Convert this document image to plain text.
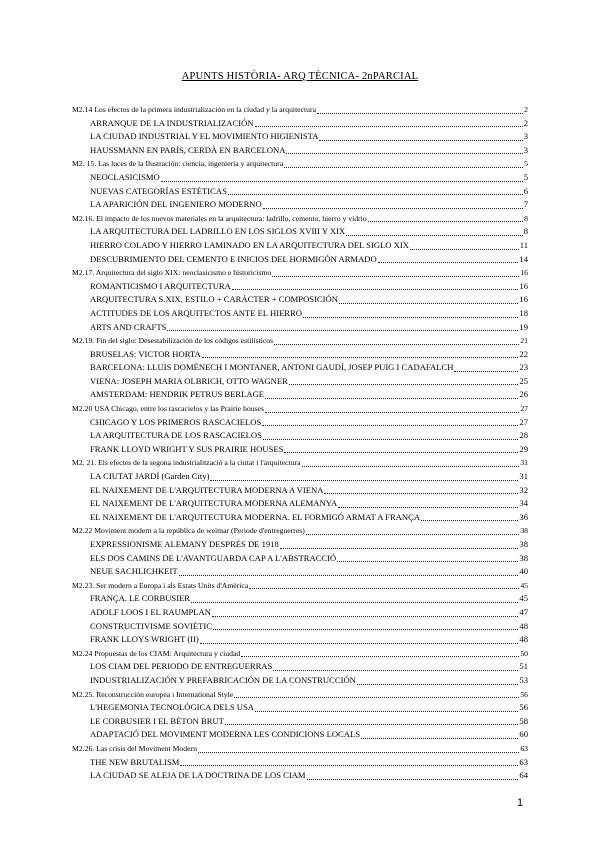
APUNTS HISTÒRIA- ARQ TÈCNICA- 2nPARCIAL
M2.14 Los efectos de la primera industrialización en la ciudad y la arquitectura	2
ARRANQUE DE LA INDUSTRIALIZACIÓN	2
LA CIUDAD INDUSTRIAL Y EL MOVIMIENTO HIGIENISTA	3
HAUSSMANN EN PARÍS, CERDÀ EN BARCELONA	3
M2. 15. Las luces de la Ilustración: ciencia, ingeniería y arquitectura	5
NEOCLASICISMO	5
NUEVAS CATEGORÍAS ESTÉTICAS	6
LA APARICIÓN DEL INGENIERO MODERNO	7
M2.16. El impacto de los nuevos materiales en la arquitectura: ladrillo, cemento, hierro y vidrio	8
LA ARQUITECTURA DEL LADRILLO EN LOS SIGLOS XVIII Y XIX	8
HIERRO COLADO Y HIERRO LAMINADO EN LA ARQUITECTURA DEL SIGLO XIX	11
DESCUBRIMIENTO DEL CEMENTO E INICIOS DEL HORMIGÓN ARMADO	14
M2.17. Arquitectura del siglo XIX: neoclasicismo e historicismo	16
ROMANTICISMO I ARQUITECTURA	16
ARQUITECTURA S.XIX, ESTILO + CARÁCTER + COMPOSICIÓN	16
ACTITUDES DE LOS ARQUITECTOS ANTE EL HIERRO	18
ARTS AND CRAFTS	19
M2.19. Fin del siglo: Desestabilización de los códigos estilísticos	21
BRUSELAS: VICTOR HORTA	22
BARCELONA: LLUIS DOMÈNECH I MONTANER, ANTONI GAUDÍ, JOSEP PUIG I CADAFALCH	23
VIENA: JOSEPH MARIA OLBRICH, OTTO WAGNER	25
AMSTERDAM: HENDRIK PETRUS BERLAGE	26
M2.20 USA Chicago, entre los rascacielos y las Prairie houses	27
CHICAGO Y LOS PRIMEROS RASCACIELOS	27
LA ARQUITECTURA DE LOS RASCACIELOS	28
FRANK LLOYD WRIGHT Y SUS PRAIRIE HOUSES	29
M2. 21. Els efectes de la segona industrialització a la ciutat i l'arquitectura	31
LA CIUTAT JARDÍ (Garden City)	31
EL NAIXEMENT DE L'ARQUITECTURA MODERNA A VIENA	32
EL NAIXEMENT DE L'ARQUITECTURA MODERNA ALEMANYA	34
EL NAIXEMENT DE L'ARQUITECTURA MODERNA. EL FORMIGÓ ARMAT A FRANÇA	36
M2.22 Moviment modern a la república de weimar (Periode d'entreguerres)	38
EXPRESSIONISME ALEMANY DESPRÉS DE 1918	38
ELS DOS CAMINS DE L'AVANTGUARDA CAP A L'ABSTRACCIÓ	38
NEUE SACHLICHKEIT	40
M2.23. Ser modern a Europa i als Estats Units d'Amèrica	45
FRANÇA. LE CORBUSIER	45
ADOLF LOOS I EL RAUMPLAN	47
CONSTRUCTIVISME SOVIÈTIC	48
FRANK LLOYS WRIGHT (II)	48
M2.24 Propuestas de los CIAM: Arquitectura y ciudad	50
LOS CIAM DEL PERIODO DE ENTREGUERRAS	51
INDUSTRIALIZACIÓN Y PREFABRICACIÓN DE LA CONSTRUCCIÓN	53
M2.25. Reconstrucción europea i International Style	56
L'HEGEMONIA TECNOLÒGICA DELS USA	56
LE CORBUSIER I EL BÉTON BRUT	58
ADAPTACIÓ DEL MOVIMENT MODERNA LES CONDICIONS LOCALS	60
M2.26. Las crisis del Moviment Modern	63
THE NEW BRUTALISM	63
LA CIUDAD SE ALEJA DE LA DOCTRINA DE LOS CIAM	64
1
